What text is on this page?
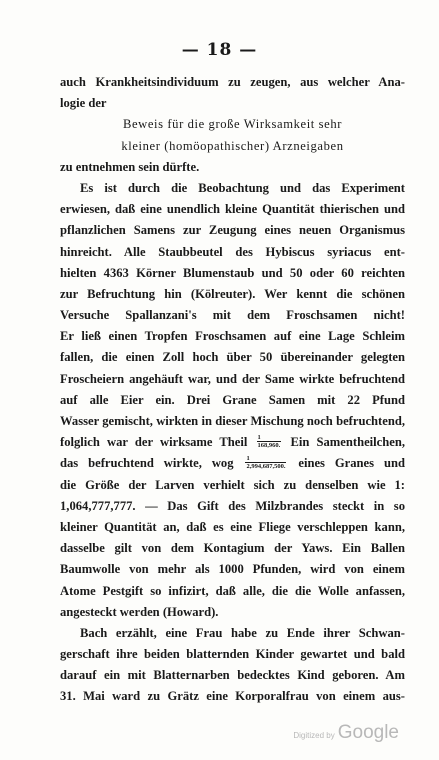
— 18 —
auch Krankheitsindividuum zu zeugen, aus welcher Ana-
logie der
Beweis für die große Wirksamkeit sehr
kleiner (homöopathischer) Arzneigaben
zu entnehmen sein dürfte.
Es ist durch die Beobachtung und das Experiment
erwiesen, daß eine unendlich kleine Quantität thierischen und
pflanzlichen Samens zur Zeugung eines neuen Organismus
hinreicht. Alle Staubbeutel des Hybiscus syriacus ent-
hielten 4363 Körner Blumenstaub und 50 oder 60 reichten
zur Befruchtung hin (Kölreuter). Wer kennt die schönen
Versuche Spallanzani's mit dem Froschsamen nicht!
Er ließ einen Tropfen Froschsamen auf eine Lage Schleim
fallen, die einen Zoll hoch über 50 übereinander gelegten
Froscheiern angehäuft war, und der Same wirkte befruchtend
auf alle Eier ein. Drei Grane Samen mit 22 Pfund
Wasser gemischt, wirkten in dieser Mischung noch befruchtend,
folglich war der wirksame Theil $\frac{1}{168,960.}$ Ein Samentheilchen,
das befruchtend wirkte, wog $\frac{1}{2,994,687,500.}$ eines Granes und
die Größe der Larven verhielt sich zu denselben wie 1:
1,064,777,777. — Das Gift des Milzbrandes steckt in so
kleiner Quantität an, daß es eine Fliege verschleppen kann,
dasselbe gilt von dem Kontagium der Yaws. Ein Ballen
Baumwolle von mehr als 1000 Pfunden, wird von einem
Atome Pestgift so infizirt, daß alle, die die Wolle anfassen,
angesteckt werden (Howard).
Bach erzählt, eine Frau habe zu Ende ihrer Schwan-
gerschaft ihre beiden blatternden Kinder gewartet und bald
darauf ein mit Blatternarben bedecktes Kind geboren. Am
31. Mai ward zu Grätz eine Korporalfrau von einem aus-
Digitized by Google
